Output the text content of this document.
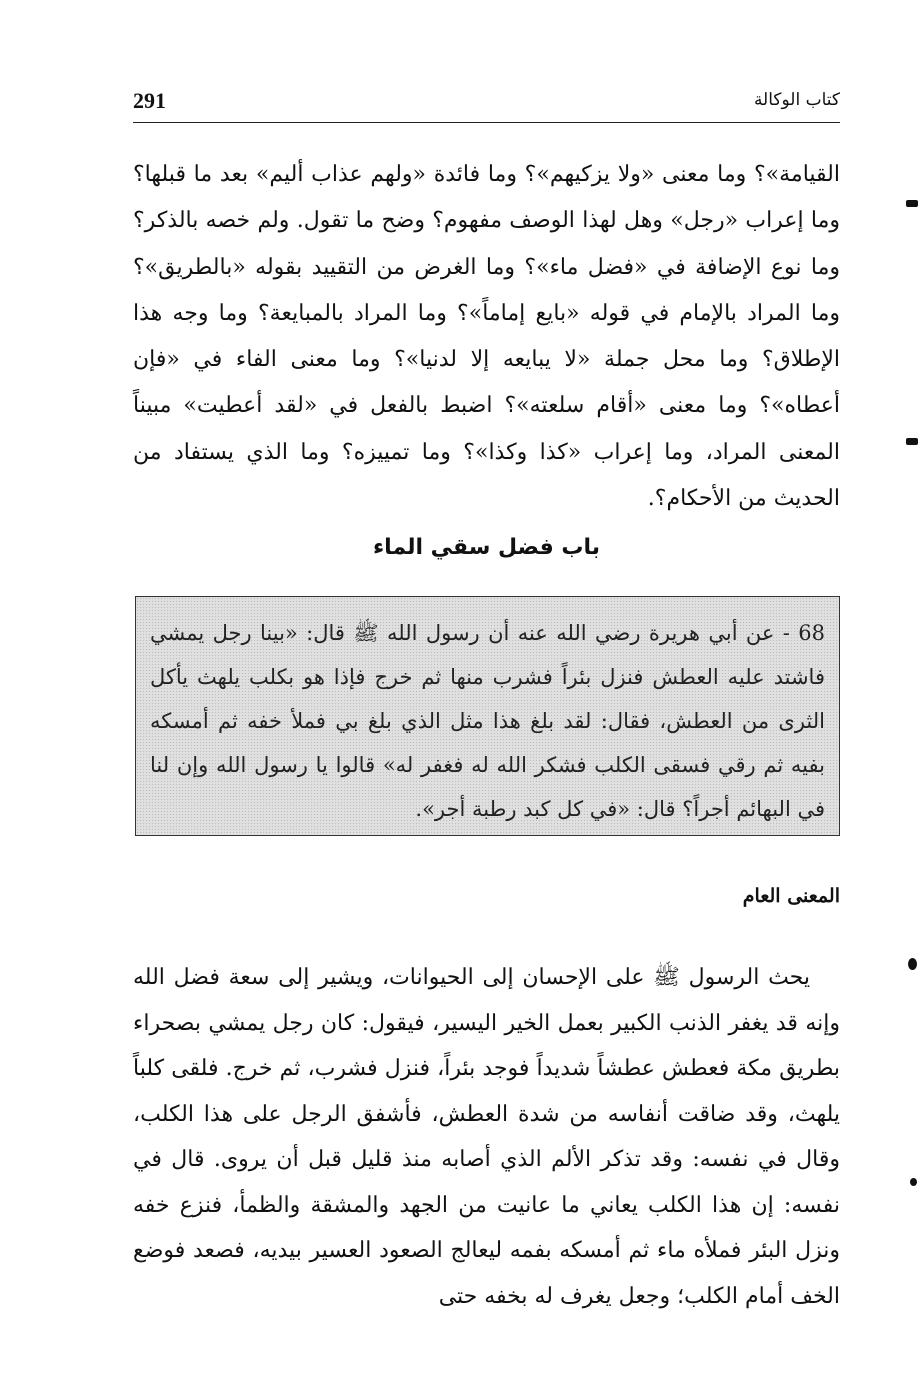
291	كتاب الوكالة
القيامة»؟ وما معنى «ولا يزكيهم»؟ وما فائدة «ولهم عذاب أليم» بعد ما قبلها؟ وما إعراب «رجل» وهل لهذا الوصف مفهوم؟ وضح ما تقول. ولم خصه بالذكر؟ وما نوع الإضافة في «فضل ماء»؟ وما الغرض من التقييد بقوله «بالطريق»؟ وما المراد بالإمام في قوله «بايع إماماً»؟ وما المراد بالمبايعة؟ وما وجه هذا الإطلاق؟ وما محل جملة «لا يبايعه إلا لدنيا»؟ وما معنى الفاء في «فإن أعطاه»؟ وما معنى «أقام سلعته»؟ اضبط بالفعل في «لقد أعطيت» مبيناً المعنى المراد، وما إعراب «كذا وكذا»؟ وما تمييزه؟ وما الذي يستفاد من الحديث من الأحكام؟.
باب فضل سقي الماء
68 - عن أبي هريرة رضي الله عنه أن رسول الله ﷺ قال: «بينا رجل يمشي فاشتد عليه العطش فنزل بئراً فشرب منها ثم خرج فإذا هو بكلب يلهث يأكل الثرى من العطش، فقال: لقد بلغ هذا مثل الذي بلغ بي فملأ خفه ثم أمسكه بفيه ثم رقي فسقى الكلب فشكر الله له فغفر له» قالوا يا رسول الله وإن لنا في البهائم أجراً؟ قال: «في كل كبد رطبة أجر».
المعنى العام
يحث الرسول ﷺ على الإحسان إلى الحيوانات، ويشير إلى سعة فضل الله وإنه قد يغفر الذنب الكبير بعمل الخير اليسير، فيقول: كان رجل يمشي بصحراء بطريق مكة فعطش عطشاً شديداً فوجد بئراً، فنزل فشرب، ثم خرج. فلقى كلباً يلهث، وقد ضاقت أنفاسه من شدة العطش، فأشفق الرجل على هذا الكلب، وقال في نفسه: وقد تذكر الألم الذي أصابه منذ قليل قبل أن يروى. قال في نفسه: إن هذا الكلب يعاني ما عانيت من الجهد والمشقة والظمأ، فنزع خفه ونزل البئر فملأه ماء ثم أمسكه بفمه ليعالج الصعود العسير بيديه، فصعد فوضع الخف أمام الكلب؛ وجعل يغرف له بخفه حتى
